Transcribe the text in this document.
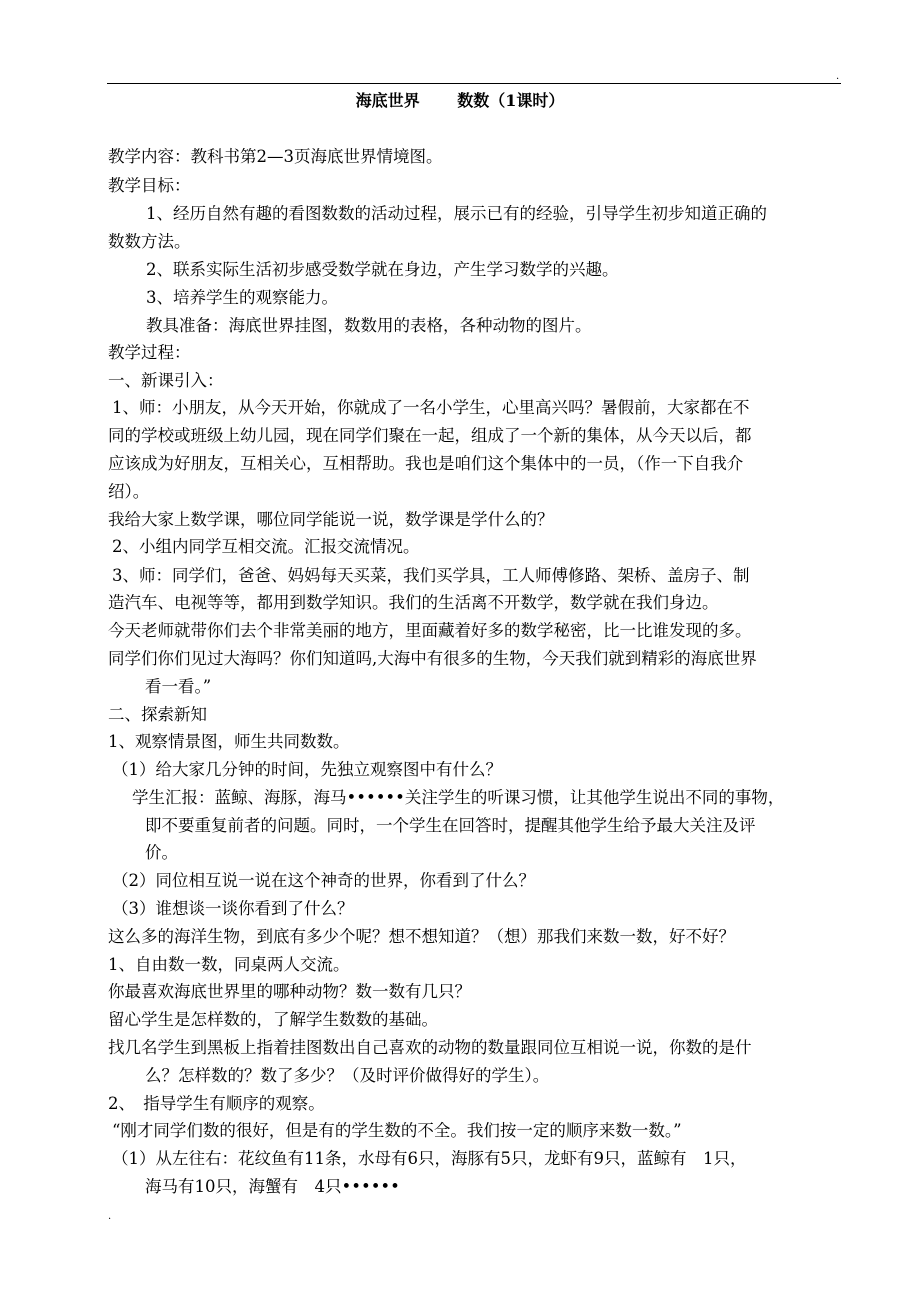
.
海底世界　　 数数（1课时）
教学内容：教科书第2—3页海底世界情境图。
教学目标：
1、经历自然有趣的看图数数的活动过程，展示已有的经验，引导学生初步知道正确的
数数方法。
2、联系实际生活初步感受数学就在身边，产生学习数学的兴趣。
3、培养学生的观察能力。
教具准备：海底世界挂图，数数用的表格，各种动物的图片。
教学过程：
一、新课引入：
1、师：小朋友，从今天开始，你就成了一名小学生，心里高兴吗？暑假前，大家都在不
同的学校或班级上幼儿园，现在同学们聚在一起，组成了一个新的集体，从今天以后，都
应该成为好朋友，互相关心，互相帮助。我也是咱们这个集体中的一员，（作一下自我介
绍）。
我给大家上数学课，哪位同学能说一说，数学课是学什么的？
2、小组内同学互相交流。汇报交流情况。
3、师：同学们，爸爸、妈妈每天买菜，我们买学具，工人师傅修路、架桥、盖房子、制
造汽车、电视等等，都用到数学知识。我们的生活离不开数学，数学就在我们身边。
今天老师就带你们去个非常美丽的地方，里面藏着好多的数学秘密，比一比谁发现的多。
同学们你们见过大海吗？你们知道吗,大海中有很多的生物，今天我们就到精彩的海底世界
看一看。”
二、探索新知
1、观察情景图，师生共同数数。
（1）给大家几分钟的时间，先独立观察图中有什么？
学生汇报：蓝鲸、海豚，海马••••••关注学生的听课习惯，让其他学生说出不同的事物，
即不要重复前者的问题。同时，一个学生在回答时，提醒其他学生给予最大关注及评
价。
（2）同位相互说一说在这个神奇的世界，你看到了什么？
（3）谁想谈一谈你看到了什么？
这么多的海洋生物，到底有多少个呢？想不想知道？（想）那我们来数一数，好不好？
1、自由数一数，同桌两人交流。
你最喜欢海底世界里的哪种动物？数一数有几只？
留心学生是怎样数的，了解学生数数的基础。
找几名学生到黑板上指着挂图数出自己喜欢的动物的数量跟同位互相说一说，你数的是什
么？怎样数的？数了多少？（及时评价做得好的学生）。
2、　指导学生有顺序的观察。
“刚才同学们数的很好，但是有的学生数的不全。我们按一定的顺序来数一数。”
（1）从左往右：花纹鱼有11条，水母有6只，海豚有5只，龙虾有9只，蓝鲸有　1只，
海马有10只，海蟹有　4只••••••
.
